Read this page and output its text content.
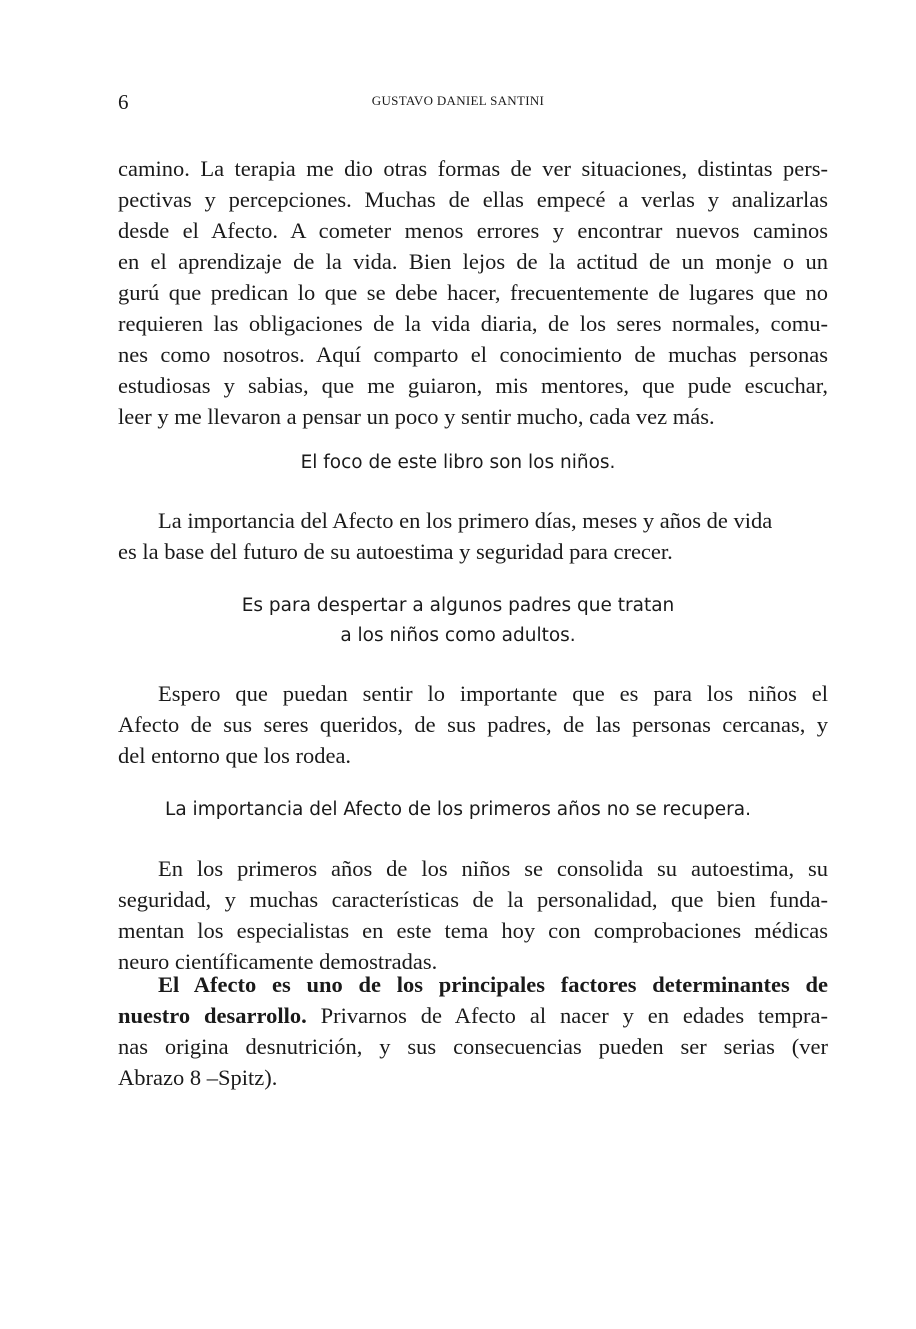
6	GUSTAVO DANIEL SANTINI

camino. La terapia me dio otras formas de ver situaciones, distintas pers-

pectivas y percepciones. Muchas de ellas empecé a verlas y analizarlas

desde el Afecto. A cometer menos errores y encontrar nuevos caminos

en el aprendizaje de la vida. Bien lejos de la actitud de un monje o un

gurú que predican lo que se debe hacer, frecuentemente de lugares que no

requieren las obligaciones de la vida diaria, de los seres normales, comu-

nes como nosotros. Aquí comparto el conocimiento de muchas personas

estudiosas y sabias, que me guiaron, mis mentores, que pude escuchar,

leer y me llevaron a pensar un poco y sentir mucho, cada vez más.

El foco de este libro son los niños.

La importancia del Afecto en los primero días, meses y años de vida

es la base del futuro de su autoestima y seguridad para crecer.

Es para despertar a algunos padres que tratan
a los niños como adultos.

Espero que puedan sentir lo importante que es para los niños el

Afecto de sus seres queridos, de sus padres, de las personas cercanas, y

del entorno que los rodea.

La importancia del Afecto de los primeros años no se recupera.

En los primeros años de los niños se consolida su autoestima, su

seguridad, y muchas características de la personalidad, que bien funda-

mentan los especialistas en este tema hoy con comprobaciones médicas

neuro científicamente demostradas.

El Afecto es uno de los principales factores determinantes de

nuestro desarrollo. Privarnos de Afecto al nacer y en edades tempra-

nas origina desnutrición, y sus consecuencias pueden ser serias (ver

Abrazo 8 –Spitz).
